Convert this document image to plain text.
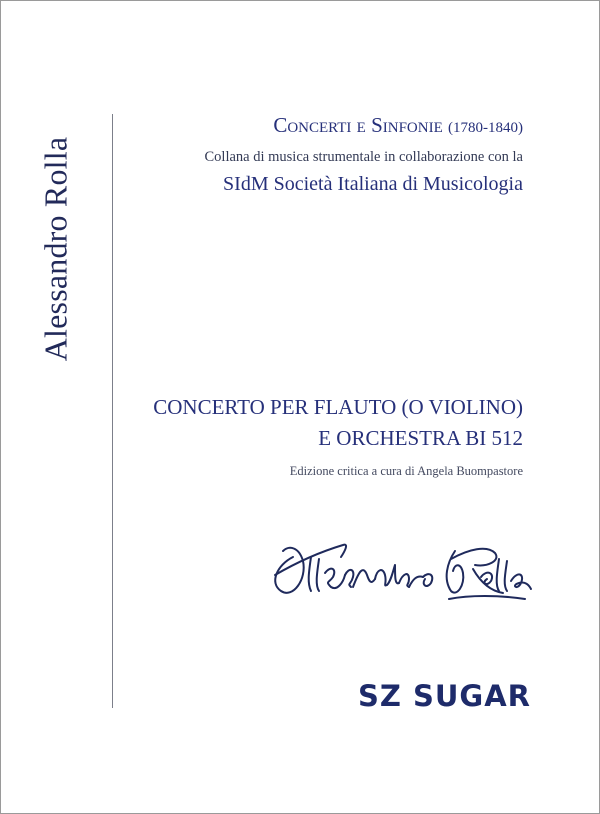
Alessandro Rolla
Concerti e Sinfonie (1780-1840)
Collana di musica strumentale in collaborazione con la
SIdM Società Italiana di Musicologia
CONCERTO PER FLAUTO (O VIOLINO)
E ORCHESTRA BI 512
Edizione critica a cura di Angela Buompastore
SZ SUGAR
